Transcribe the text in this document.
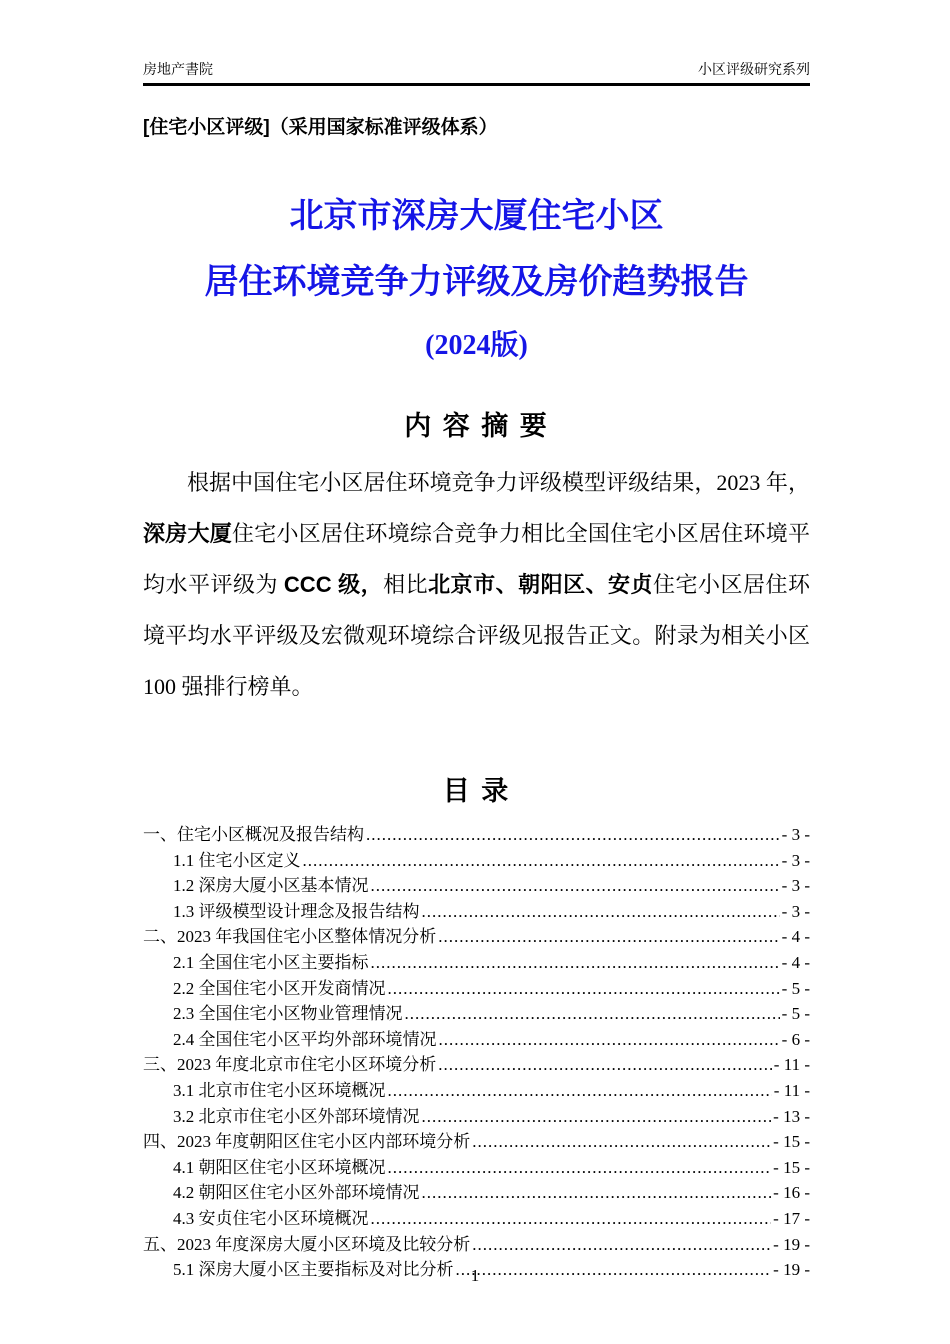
房地产書院	小区评级研究系列
[住宅小区评级]（采用国家标准评级体系）
北京市深房大厦住宅小区
居住环境竞争力评级及房价趋势报告
(2024版)
内 容 摘 要

根据中国住宅小区居住环境竞争力评级模型评级结果，2023 年，深房大厦住宅小区居住环境综合竞争力相比全国住宅小区居住环境平均水平评级为 CCC 级，相比北京市、朝阳区、安贞住宅小区居住环境平均水平评级及宏微观环境综合评级见报告正文。附录为相关小区 100 强排行榜单。

目 录
一、住宅小区概况及报告结构 .....	- 3 -
1.1 住宅小区定义 .....	- 3 -
1.2 深房大厦小区基本情况 .....	- 3 -
1.3 评级模型设计理念及报告结构 .....	- 3 -
二、2023 年我国住宅小区整体情况分析 .....	- 4 -
2.1 全国住宅小区主要指标 .....	- 4 -
2.2 全国住宅小区开发商情况 .....	- 5 -
2.3 全国住宅小区物业管理情况 .....	- 5 -
2.4 全国住宅小区平均外部环境情况 .....	- 6 -
三、2023 年度北京市住宅小区环境分析 .....	- 11 -
3.1 北京市住宅小区环境概况 .....	- 11 -
3.2 北京市住宅小区外部环境情况 .....	- 13 -
四、2023 年度朝阳区住宅小区内部环境分析 .....	- 15 -
4.1 朝阳区住宅小区环境概况 .....	- 15 -
4.2 朝阳区住宅小区外部环境情况 .....	- 16 -
4.3 安贞住宅小区环境概况 .....	- 17 -
五、2023 年度深房大厦小区环境及比较分析 .....	- 19 -
5.1 深房大厦小区主要指标及对比分析 .....	- 19 -
1
